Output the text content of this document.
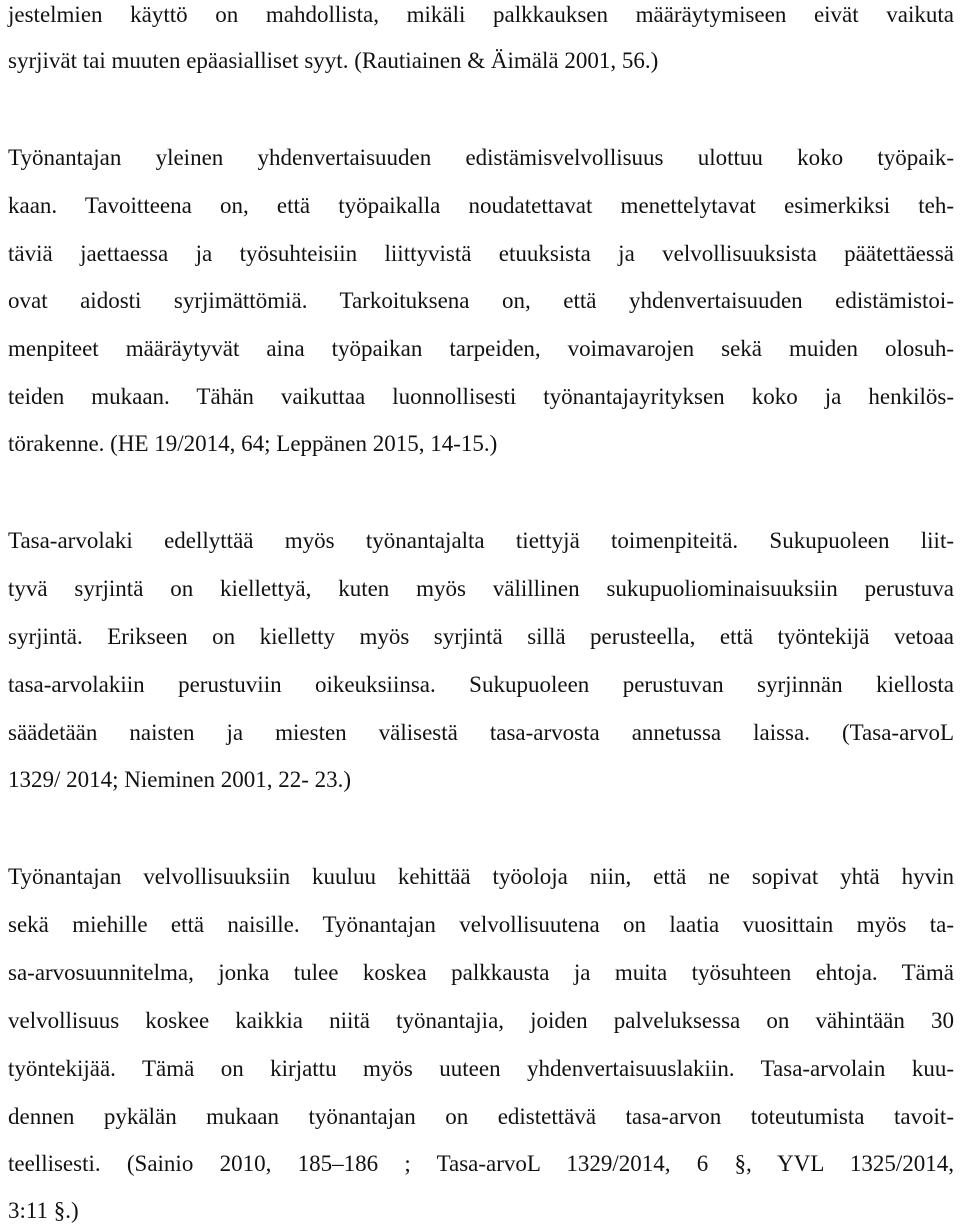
jestelmien käyttö on mahdollista, mikäli palkkauksen määräytymiseen eivät vaikuta
syrjivät tai muuten epäasialliset syyt. (Rautiainen & Äimälä 2001, 56.)
Työnantajan yleinen yhdenvertaisuuden edistämisvelvollisuus ulottuu koko työpaik-
kaan. Tavoitteena on, että työpaikalla noudatettavat menettelytavat esimerkiksi teh-
täviä jaettaessa ja työsuhteisiin liittyvistä etuuksista ja velvollisuuksista päätettäessä
ovat aidosti syrjimättömiä. Tarkoituksena on, että yhdenvertaisuuden edistämistoi-
menpiteet määräytyvät aina työpaikan tarpeiden, voimavarojen sekä muiden olosuh-
teiden mukaan. Tähän vaikuttaa luonnollisesti työnantajayrityksen koko ja henkilös-
törakenne. (HE 19/2014, 64; Leppänen 2015, 14-15.)
Tasa-arvolaki edellyttää myös työnantajalta tiettyjä toimenpiteitä. Sukupuoleen liit-
tyvä syrjintä on kiellettyä, kuten myös välillinen sukupuoliominaisuuksiin perustuva
syrjintä. Erikseen on kielletty myös syrjintä sillä perusteella, että työntekijä vetoaa
tasa-arvolakiin perustuviin oikeuksiinsa. Sukupuoleen perustuvan syrjinnän kiellosta
säädetään naisten ja miesten välisestä tasa-arvosta annetussa laissa. (Tasa-arvoL
1329/ 2014; Nieminen 2001, 22- 23.)
Työnantajan velvollisuuksiin kuuluu kehittää työoloja niin, että ne sopivat yhtä hyvin
sekä miehille että naisille. Työnantajan velvollisuutena on laatia vuosittain myös ta-
sa-arvosuunnitelma, jonka tulee koskea palkkausta ja muita työsuhteen ehtoja. Tämä
velvollisuus koskee kaikkia niitä työnantajia, joiden palveluksessa on vähintään 30
työntekijää. Tämä on kirjattu myös uuteen yhdenvertaisuuslakiin. Tasa-arvolain kuu-
dennen pykälän mukaan työnantajan on edistettävä tasa-arvon toteutumista tavoit-
teellisesti. (Sainio 2010, 185–186 ; Tasa-arvoL 1329/2014, 6 §, YVL 1325/2014,
3:11 §.)
